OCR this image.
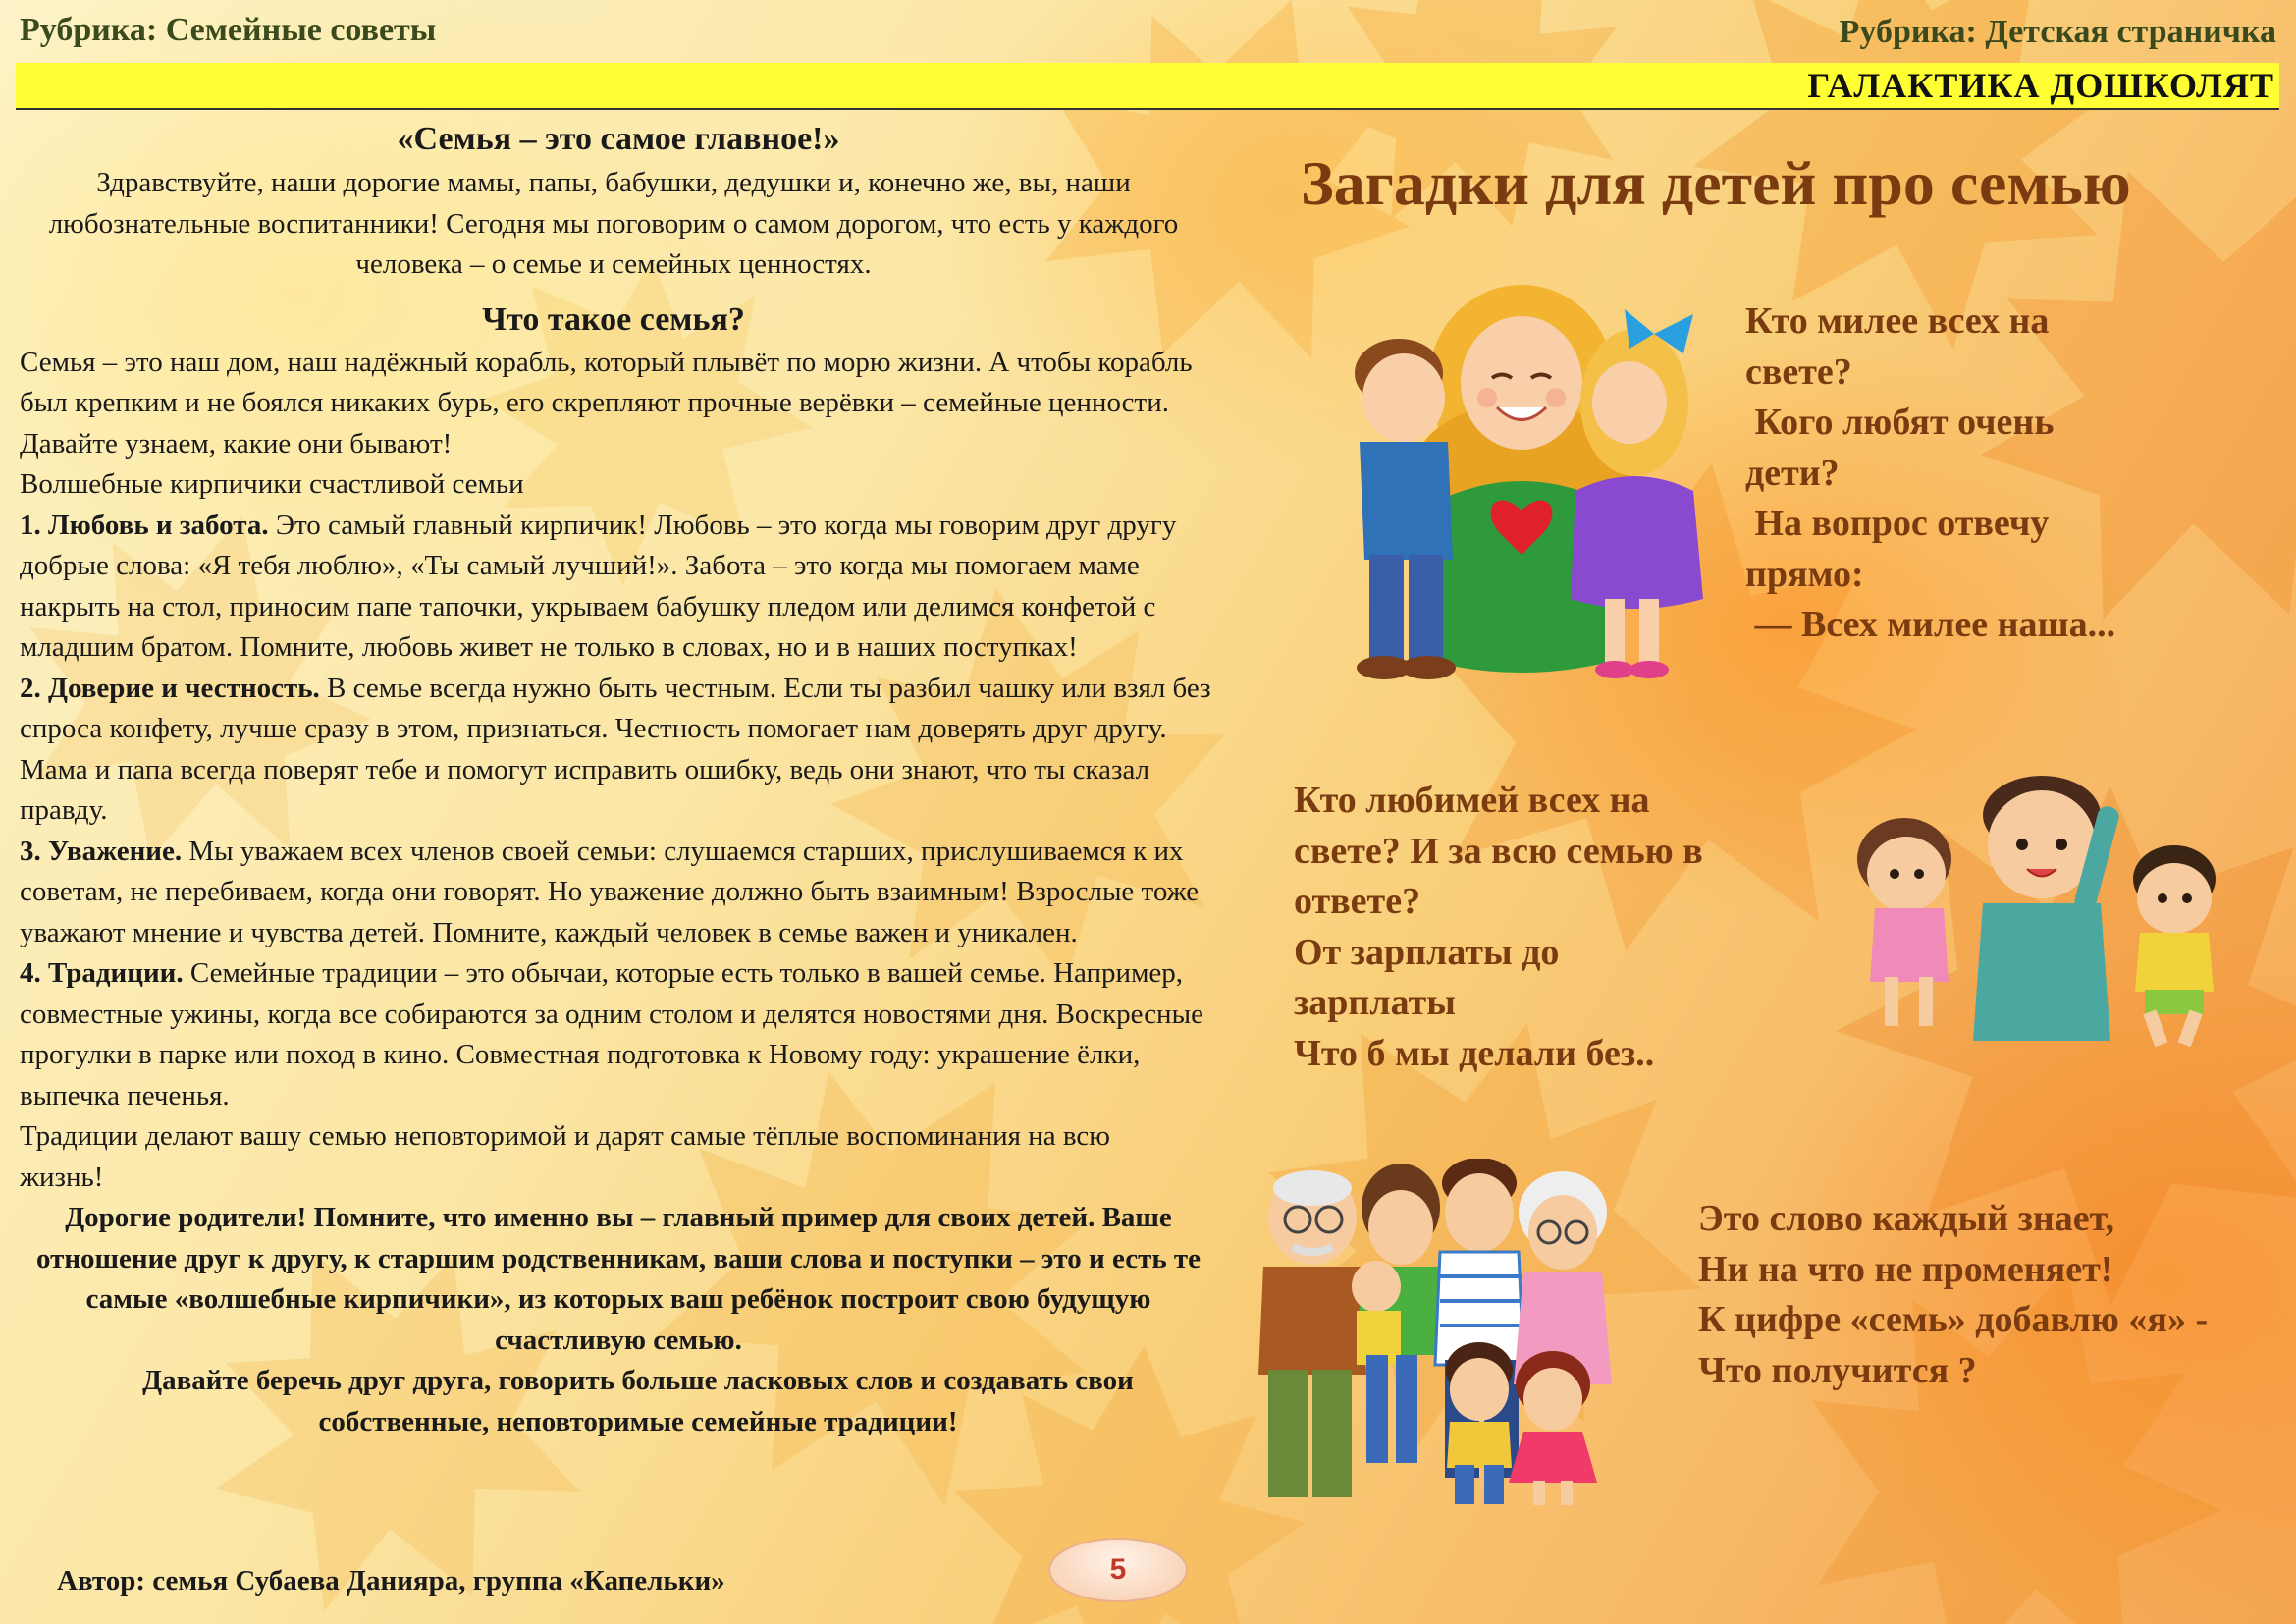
Рубрика: Семейные советы	Рубрика: Детская страничка
ГАЛАКТИКА ДОШКОЛЯТ
«Семья – это самое главное!»

Здравствуйте, наши дорогие мамы, папы, бабушки, дедушки и, конечно же, вы, наши любознательные воспитанники! Сегодня мы поговорим о самом дорогом, что есть у каждого человека – о семье и семейных ценностях.

Что такое семья?

Семья – это наш дом, наш надёжный корабль, который плывёт по морю жизни. А чтобы корабль был крепким и не боялся никаких бурь, его скрепляют прочные верёвки – семейные ценности. Давайте узнаем, какие они бывают!

Волшебные кирпичики счастливой семьи

1. Любовь и забота. Это самый главный кирпичик! Любовь – это когда мы говорим друг другу добрые слова: «Я тебя люблю», «Ты самый лучший!». Забота – это когда мы помогаем маме накрыть на стол, приносим папе тапочки, укрываем бабушку пледом или делимся конфетой с младшим братом. Помните, любовь живет не только в словах, но и в наших поступках!

2. Доверие и честность. В семье всегда нужно быть честным. Если ты разбил чашку или взял без спроса конфету, лучше сразу в этом, признаться. Честность помогает нам доверять друг другу. Мама и папа всегда поверят тебе и помогут исправить ошибку, ведь они знают, что ты сказал правду.

3. Уважение. Мы уважаем всех членов своей семьи: слушаемся старших, прислушиваемся к их советам, не перебиваем, когда они говорят. Но уважение должно быть взаимным! Взрослые тоже уважают мнение и чувства детей. Помните, каждый человек в семье важен и уникален.

4. Традиции. Семейные традиции – это обычаи, которые есть только в вашей семье. Например, совместные ужины, когда все собираются за одним столом и делятся новостями дня. Воскресные прогулки в парке или поход в кино. Совместная подготовка к Новому году: украшение ёлки, выпечка печенья.

Традиции делают вашу семью неповторимой и дарят самые тёплые воспоминания на всю жизнь!

Дорогие родители! Помните, что именно вы – главный пример для своих детей. Ваше отношение друг к другу, к старшим родственникам, ваши слова и поступки – это и есть те самые «волшебные кирпичики», из которых ваш ребёнок построит свою будущую счастливую семью.

Давайте беречь друг друга, говорить больше ласковых слов и создавать свои собственные, неповторимые семейные традиции!

Автор: семья Субаева Данияра, группа «Капельки»	5
Загадки для детей про семью
Кто милее всех на
свете?
Кого любят очень
дети?
На вопрос отвечу
прямо:
— Всех милее наша...
Кто любимей всех на
свете? И за всю семью в
ответе?
От зарплаты до
зарплаты
Что б мы делали без..
Это слово каждый знает,
Ни на что не променяет!
К цифре «семь» добавлю «я» -
Что получится ?
